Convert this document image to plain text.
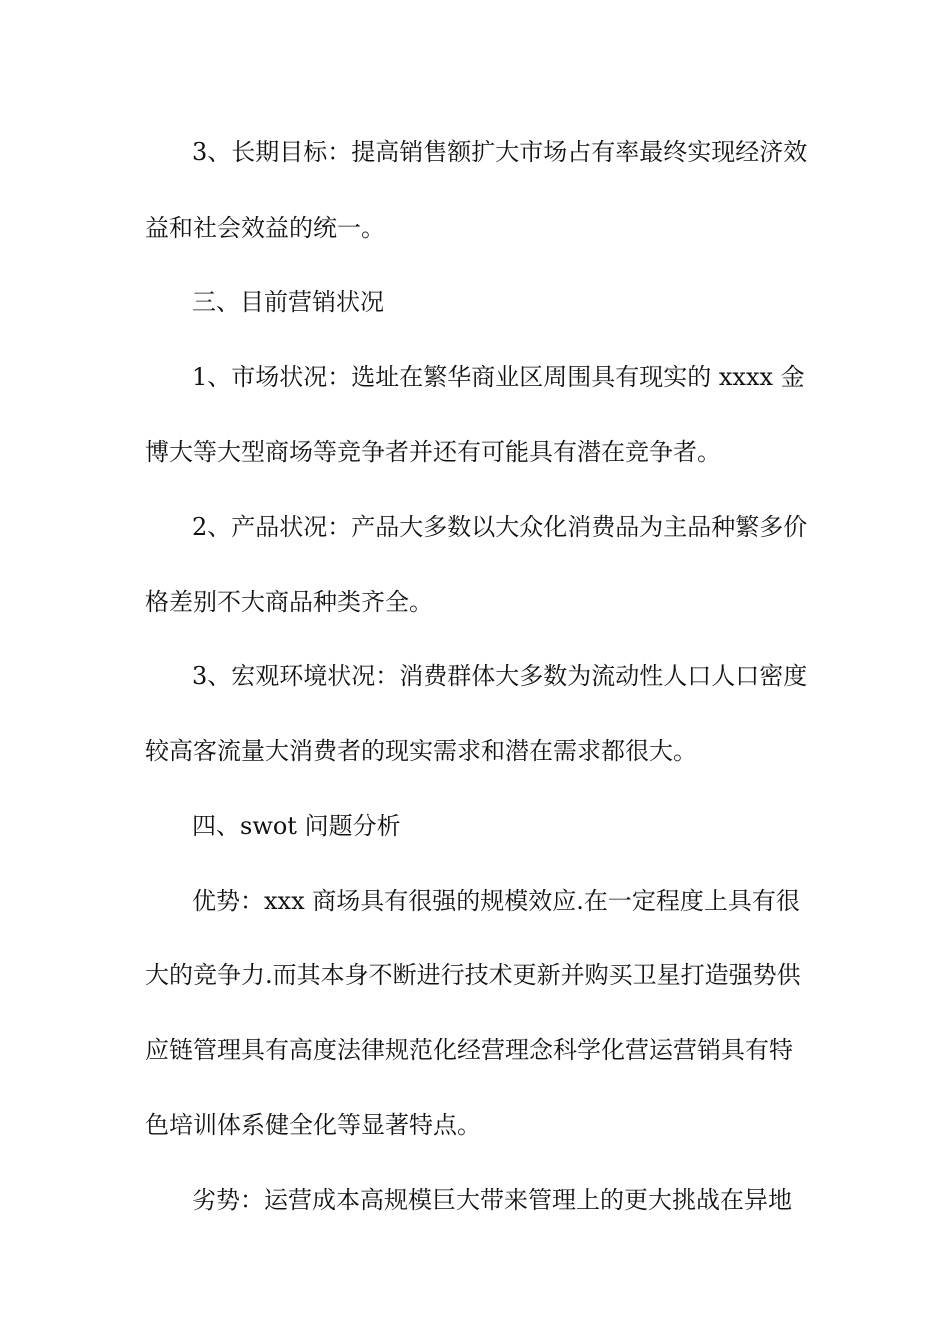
3、长期目标：提高销售额扩大市场占有率最终实现经济效
益和社会效益的统一。
三、目前营销状况
1、市场状况：选址在繁华商业区周围具有现实的 xxxx 金
博大等大型商场等竞争者并还有可能具有潜在竞争者。
2、产品状况：产品大多数以大众化消费品为主品种繁多价
格差别不大商品种类齐全。
3、宏观环境状况：消费群体大多数为流动性人口人口密度
较高客流量大消费者的现实需求和潜在需求都很大。
四、swot 问题分析
优势：xxx 商场具有很强的规模效应.在一定程度上具有很
大的竞争力.而其本身不断进行技术更新并购买卫星打造强势供
应链管理具有高度法律规范化经营理念科学化营运营销具有特
色培训体系健全化等显著特点。
劣势：运营成本高规模巨大带来管理上的更大挑战在异地
